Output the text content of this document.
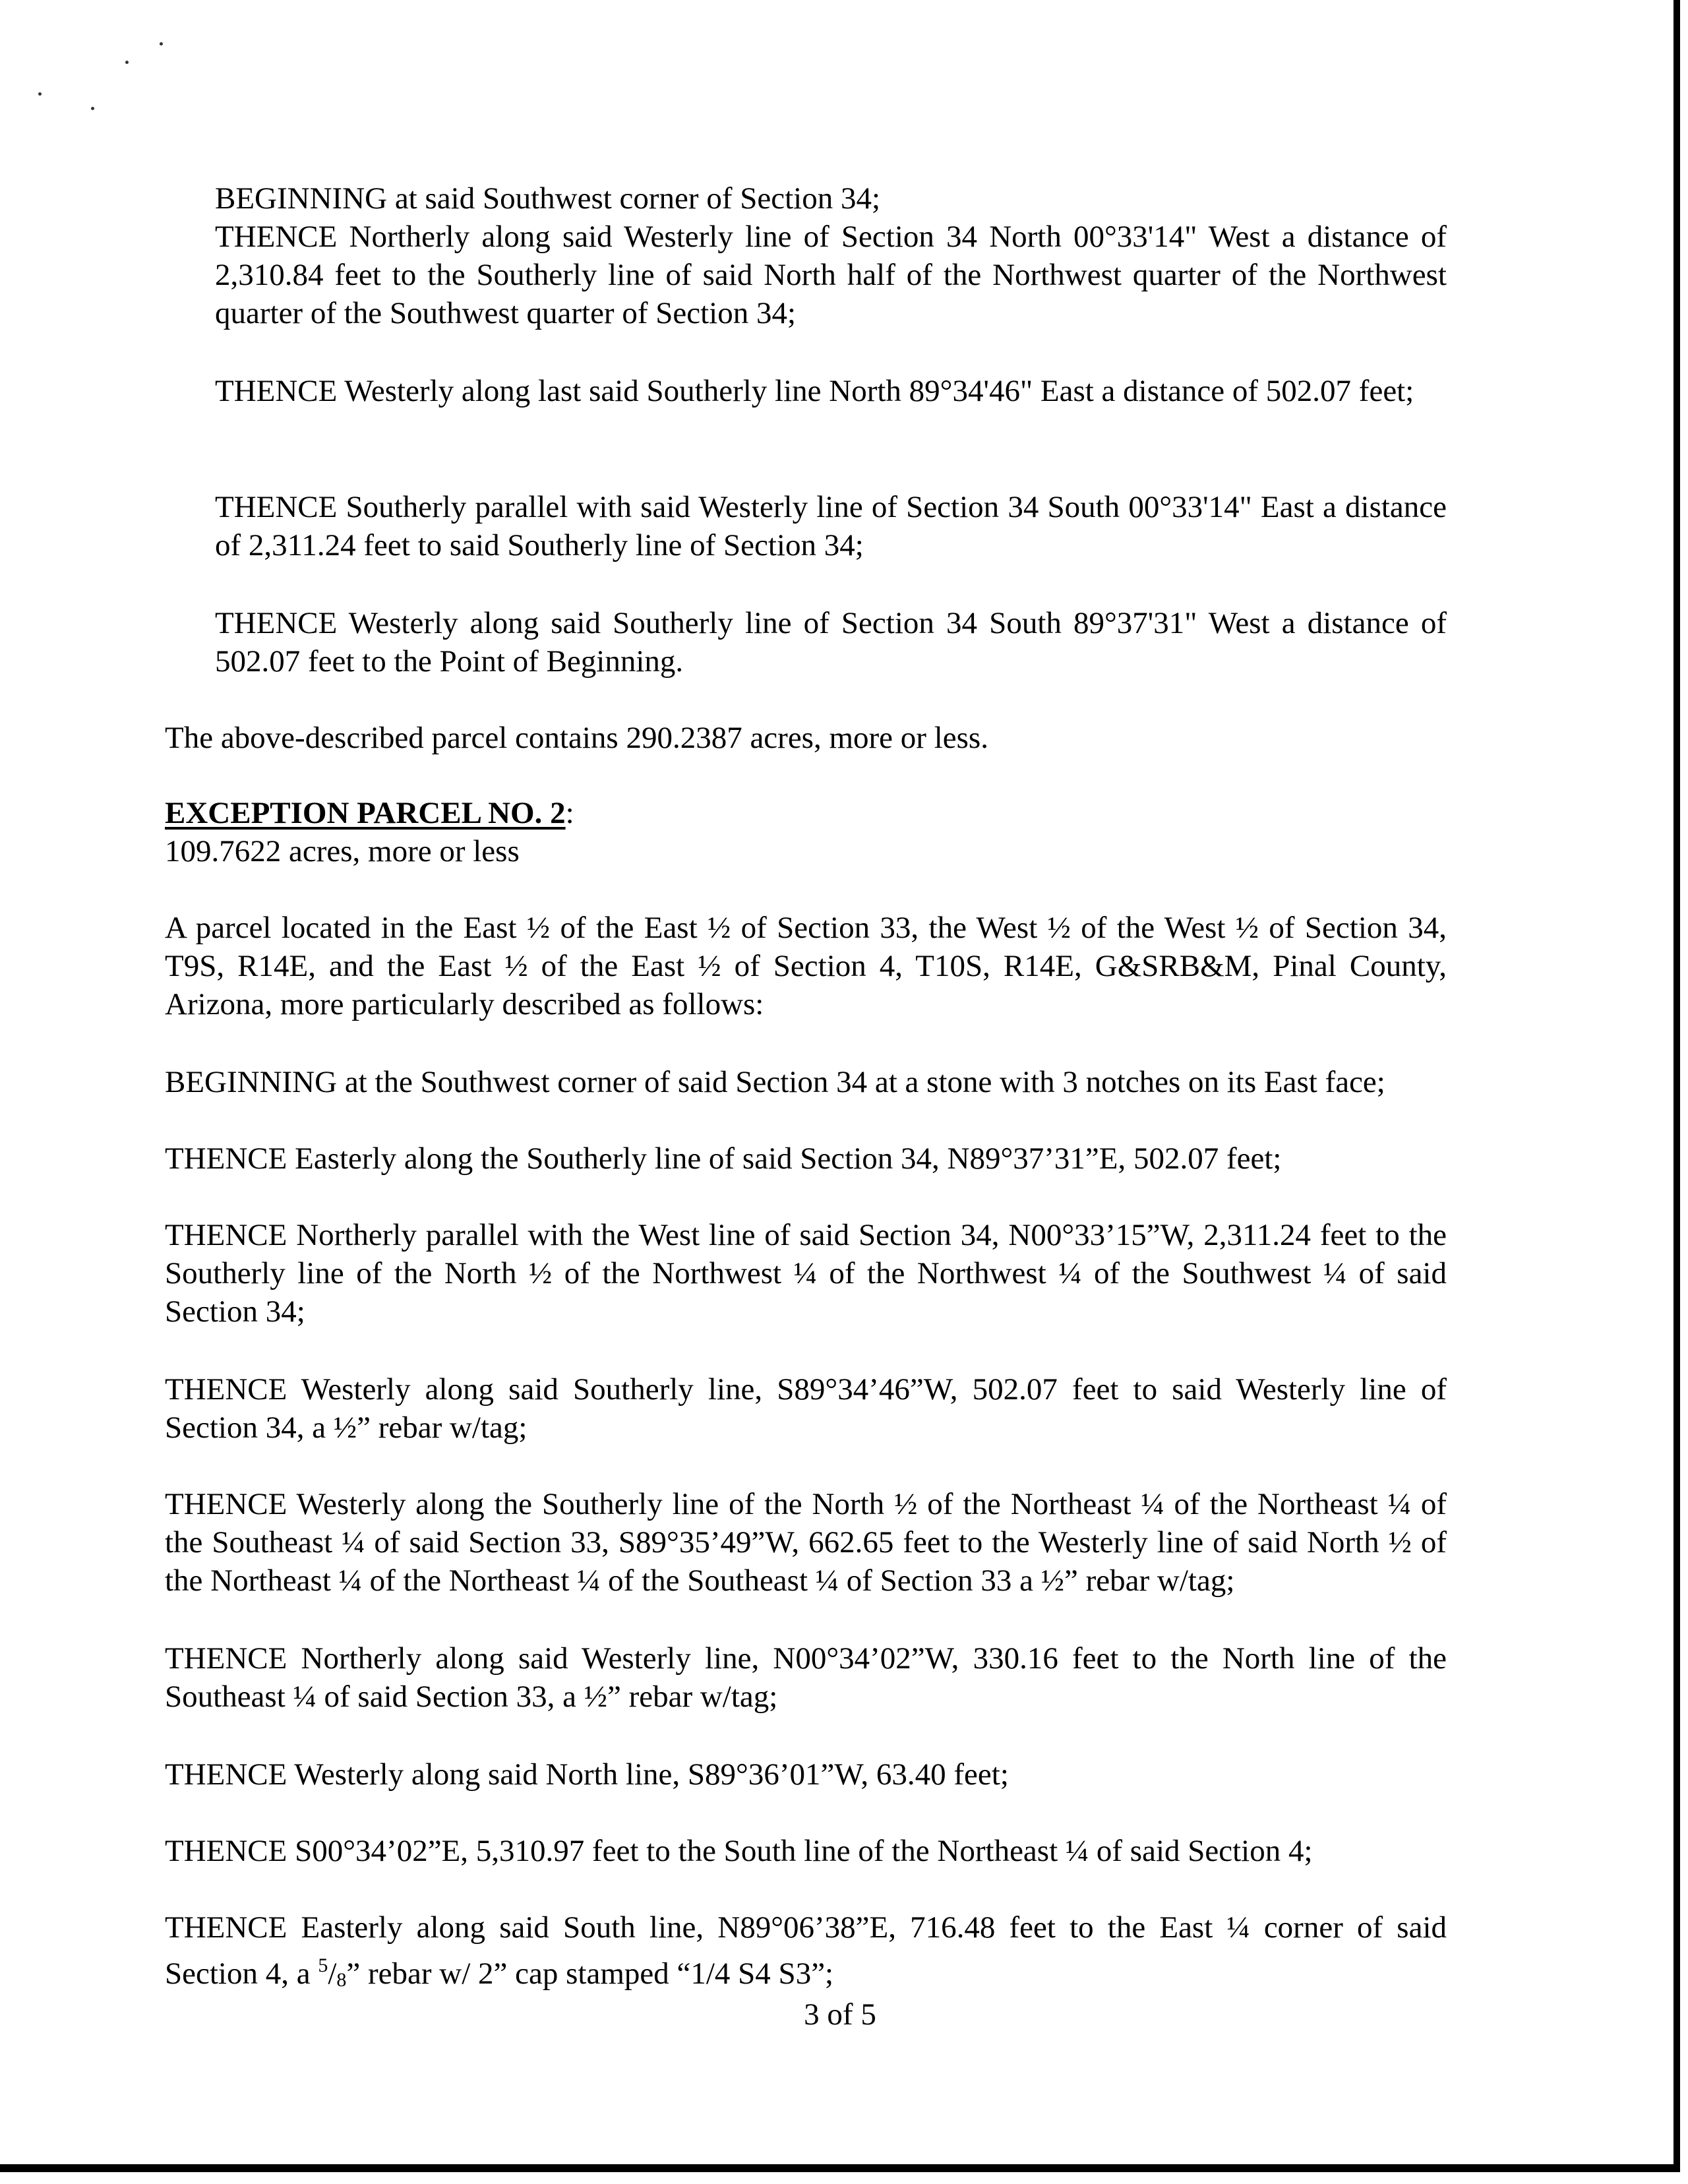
BEGINNING at said Southwest corner of Section 34;

THENCE Northerly along said Westerly line of Section 34 North 00°33'14" West a distance of 2,310.84 feet to the Southerly line of said North half of the Northwest quarter of the Northwest quarter of the Southwest quarter of Section 34;

THENCE Westerly along last said Southerly line North 89°34'46" East a distance of 502.07 feet;

THENCE Southerly parallel with said Westerly line of Section 34 South 00°33'14" East a distance of 2,311.24 feet to said Southerly line of Section 34;

THENCE Westerly along said Southerly line of Section 34 South 89°37'31" West a distance of 502.07 feet to the Point of Beginning.

The above-described parcel contains 290.2387 acres, more or less.

EXCEPTION PARCEL NO. 2:
109.7622 acres, more or less

A parcel located in the East ½ of the East ½ of Section 33, the West ½ of the West ½ of Section 34, T9S, R14E, and the East ½ of the East ½ of Section 4, T10S, R14E, G&SRB&M, Pinal County, Arizona, more particularly described as follows:

BEGINNING at the Southwest corner of said Section 34 at a stone with 3 notches on its East face;

THENCE Easterly along the Southerly line of said Section 34, N89°37’31”E, 502.07 feet;

THENCE Northerly parallel with the West line of said Section 34, N00°33’15”W, 2,311.24 feet to the Southerly line of the North ½ of the Northwest ¼ of the Northwest ¼ of the Southwest ¼ of said Section 34;

THENCE Westerly along said Southerly line, S89°34’46”W, 502.07 feet to said Westerly line of Section 34, a ½” rebar w/tag;

THENCE Westerly along the Southerly line of the North ½ of the Northeast ¼ of the Northeast ¼ of the Southeast ¼ of said Section 33, S89°35’49”W, 662.65 feet to the Westerly line of said North ½ of the Northeast ¼ of the Northeast ¼ of the Southeast ¼ of Section 33 a ½” rebar w/tag;

THENCE Northerly along said Westerly line, N00°34’02”W, 330.16 feet to the North line of the Southeast ¼ of said Section 33, a ½” rebar w/tag;

THENCE Westerly along said North line, S89°36’01”W, 63.40 feet;

THENCE S00°34’02”E, 5,310.97 feet to the South line of the Northeast ¼ of said Section 4;

THENCE Easterly along said South line, N89°06’38”E, 716.48 feet to the East ¼ corner of said Section 4, a $^5/_8$” rebar w/ 2” cap stamped “1/4 S4 S3”;

3 of 5
